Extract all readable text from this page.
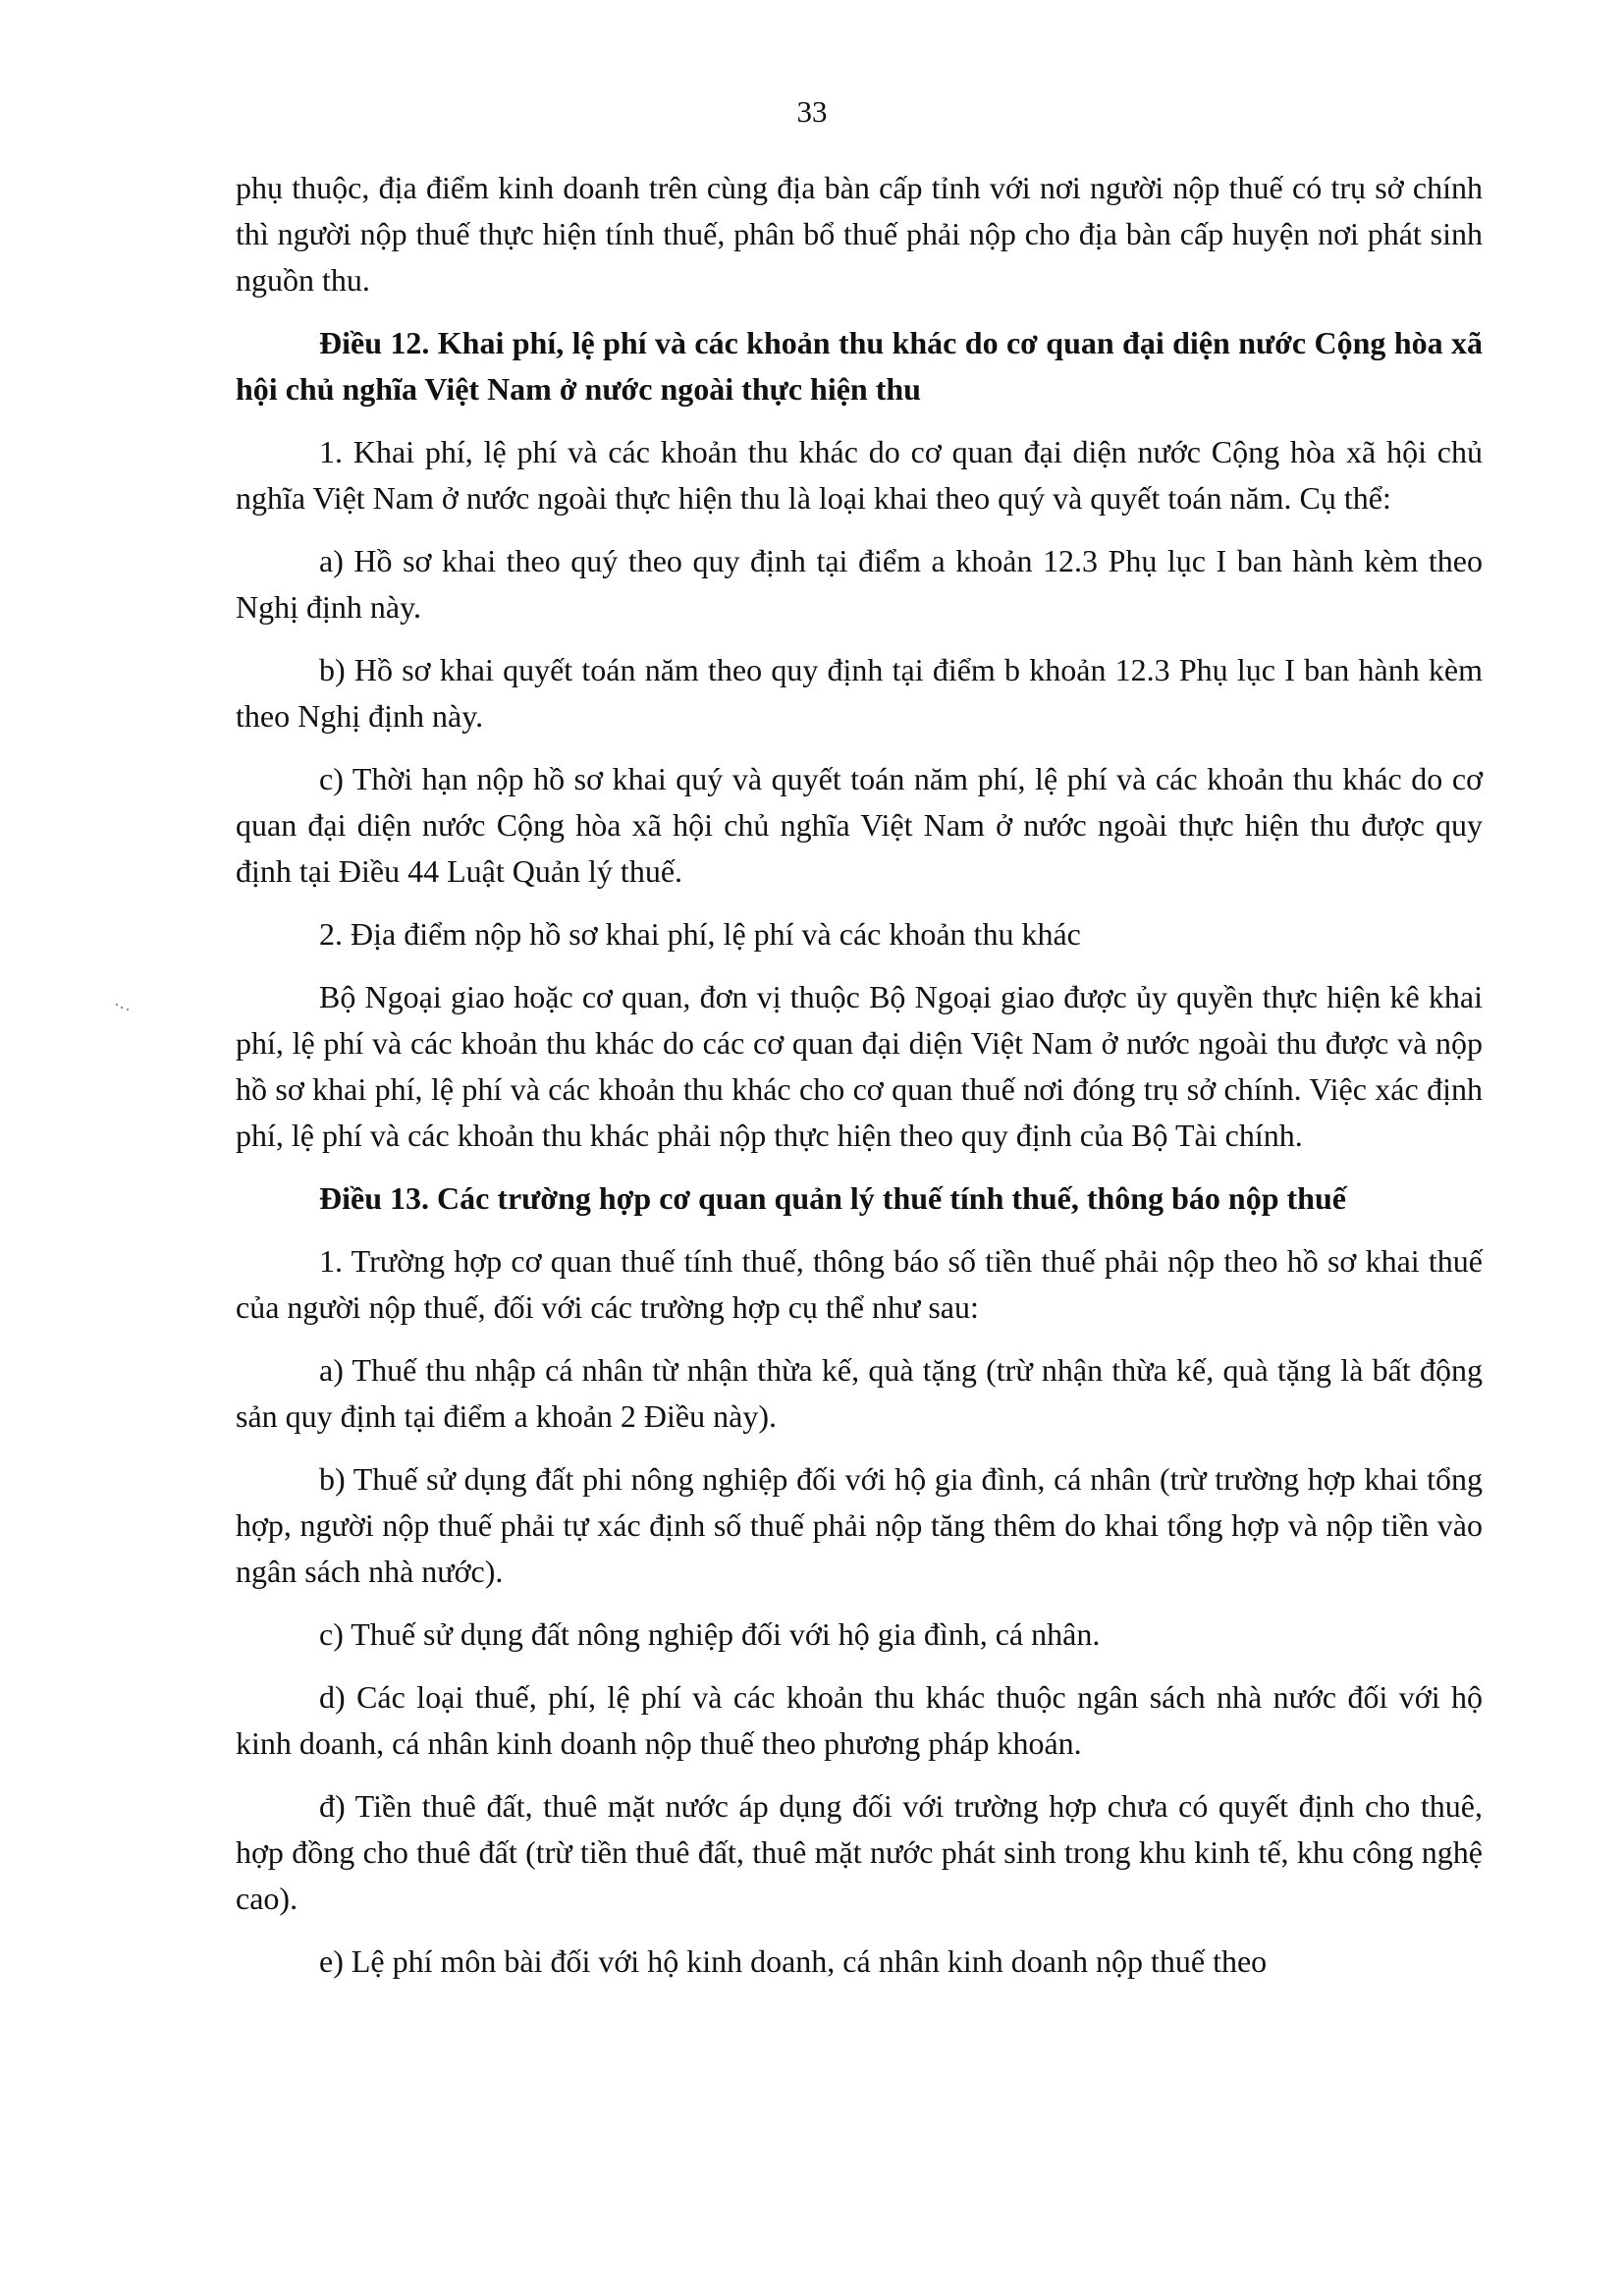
33

phụ thuộc, địa điểm kinh doanh trên cùng địa bàn cấp tỉnh với nơi người nộp thuế có trụ sở chính thì người nộp thuế thực hiện tính thuế, phân bổ thuế phải nộp cho địa bàn cấp huyện nơi phát sinh nguồn thu.

Điều 12. Khai phí, lệ phí và các khoản thu khác do cơ quan đại diện nước Cộng hòa xã hội chủ nghĩa Việt Nam ở nước ngoài thực hiện thu

1. Khai phí, lệ phí và các khoản thu khác do cơ quan đại diện nước Cộng hòa xã hội chủ nghĩa Việt Nam ở nước ngoài thực hiện thu là loại khai theo quý và quyết toán năm. Cụ thể:

a) Hồ sơ khai theo quý theo quy định tại điểm a khoản 12.3 Phụ lục I ban hành kèm theo Nghị định này.

b) Hồ sơ khai quyết toán năm theo quy định tại điểm b khoản 12.3 Phụ lục I ban hành kèm theo Nghị định này.

c) Thời hạn nộp hồ sơ khai quý và quyết toán năm phí, lệ phí và các khoản thu khác do cơ quan đại diện nước Cộng hòa xã hội chủ nghĩa Việt Nam ở nước ngoài thực hiện thu được quy định tại Điều 44 Luật Quản lý thuế.

2. Địa điểm nộp hồ sơ khai phí, lệ phí và các khoản thu khác

Bộ Ngoại giao hoặc cơ quan, đơn vị thuộc Bộ Ngoại giao được ủy quyền thực hiện kê khai phí, lệ phí và các khoản thu khác do các cơ quan đại diện Việt Nam ở nước ngoài thu được và nộp hồ sơ khai phí, lệ phí và các khoản thu khác cho cơ quan thuế nơi đóng trụ sở chính. Việc xác định phí, lệ phí và các khoản thu khác phải nộp thực hiện theo quy định của Bộ Tài chính.

Điều 13. Các trường hợp cơ quan quản lý thuế tính thuế, thông báo nộp thuế

1. Trường hợp cơ quan thuế tính thuế, thông báo số tiền thuế phải nộp theo hồ sơ khai thuế của người nộp thuế, đối với các trường hợp cụ thể như sau:

a) Thuế thu nhập cá nhân từ nhận thừa kế, quà tặng (trừ nhận thừa kế, quà tặng là bất động sản quy định tại điểm a khoản 2 Điều này).

b) Thuế sử dụng đất phi nông nghiệp đối với hộ gia đình, cá nhân (trừ trường hợp khai tổng hợp, người nộp thuế phải tự xác định số thuế phải nộp tăng thêm do khai tổng hợp và nộp tiền vào ngân sách nhà nước).

c) Thuế sử dụng đất nông nghiệp đối với hộ gia đình, cá nhân.

d) Các loại thuế, phí, lệ phí và các khoản thu khác thuộc ngân sách nhà nước đối với hộ kinh doanh, cá nhân kinh doanh nộp thuế theo phương pháp khoán.

đ) Tiền thuê đất, thuê mặt nước áp dụng đối với trường hợp chưa có quyết định cho thuê, hợp đồng cho thuê đất (trừ tiền thuê đất, thuê mặt nước phát sinh trong khu kinh tế, khu công nghệ cao).

e) Lệ phí môn bài đối với hộ kinh doanh, cá nhân kinh doanh nộp thuế theo
